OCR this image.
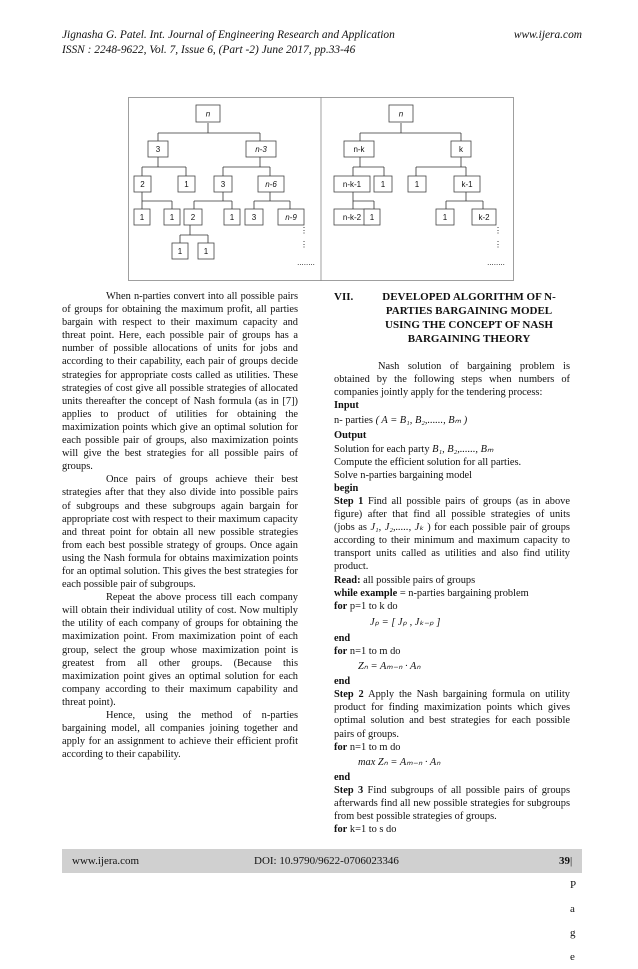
Jignasha G. Patel. Int. Journal of Engineering Research and Application	www.ijera.com
ISSN : 2248-9622, Vol. 7, Issue 6, (Part -2) June 2017, pp.33-46
n
3	n-3
2	1	3	n-6
1	1 2	1 3	n-9
1	1
⋮
⋮
........
n
n-k	k
n-k-1 1	1	k-1
n-k-2 1	1	k-2
⋮
⋮
........

When n-parties convert into all possible pairs of groups for obtaining the maximum profit, all parties bargain with respect to their maximum capacity and threat point. Here, each possible pair of groups has a number of possible allocations of units for jobs and according to their capability, each pair of groups decide strategies for appropriate costs called as utilities. These strategies of cost give all possible strategies of allocated units thereafter the concept of Nash formula (as in [7]) applies to product of utilities for obtaining the maximization points which give an optimal solution for each possible pair of groups, also maximization points will give the best strategies for all possible pairs of groups.

Once pairs of groups achieve their best strategies after that they also divide into possible pairs of subgroups and these subgroups again bargain for appropriate cost with respect to their maximum capacity and threat point for obtain all new possible strategies from each best possible strategy of groups. Once again using the Nash formula for obtains maximization points for an optimal solution. This gives the best strategies for each possible pair of subgroups.

Repeat the above process till each company will obtain their individual utility of cost. Now multiply the utility of each company of groups for obtaining the maximization point. From maximization point of each group, select the group whose maximization point is greatest from all other groups. (Because this maximization point gives an optimal solution for each company according to their maximum capability and threat point).

Hence, using the method of n-parties bargaining model, all companies joining together and apply for an assignment to achieve their efficient profit according to their capability.

VII.	DEVELOPED ALGORITHM OF N-PARTIES BARGAINING MODEL USING THE CONCEPT OF NASH BARGAINING THEORY

Nash solution of bargaining problem is obtained by the following steps when numbers of companies jointly apply for the tendering process:

Input

n- parties ( A = B₁, B₂,......, Bₘ )

Output

Solution for each party B₁, B₂,......, Bₘ

Compute the efficient solution for all parties.

Solve n-parties bargaining model

begin

Step 1 Find all possible pairs of groups (as in above figure) after that find all possible strategies of units (jobs as J₁, J₂,....., Jₖ ) for each possible pair of groups according to their minimum and maximum capacity to transport units called as utilities and also find utility product.

Read: all possible pairs of groups

while example = n-parties bargaining problem

for p=1 to k do

Jₚ = [ Jₚ , Jₖ₋ₚ ]

end

for n=1 to m do

Zₙ = Aₘ₋ₙ · Aₙ

end

Step 2 Apply the Nash bargaining formula on utility product for finding maximization points which gives optimal solution and best strategies for each possible pairs of groups.

for n=1 to m do

max Zₙ = Aₘ₋ₙ · Aₙ

end

Step 3 Find subgroups of all possible pairs of groups afterwards find all new possible strategies for subgroups from best possible strategies of groups.

for k=1 to s do

www.ijera.com	DOI: 10.9790/9622-0706023346	39 | P a g e
